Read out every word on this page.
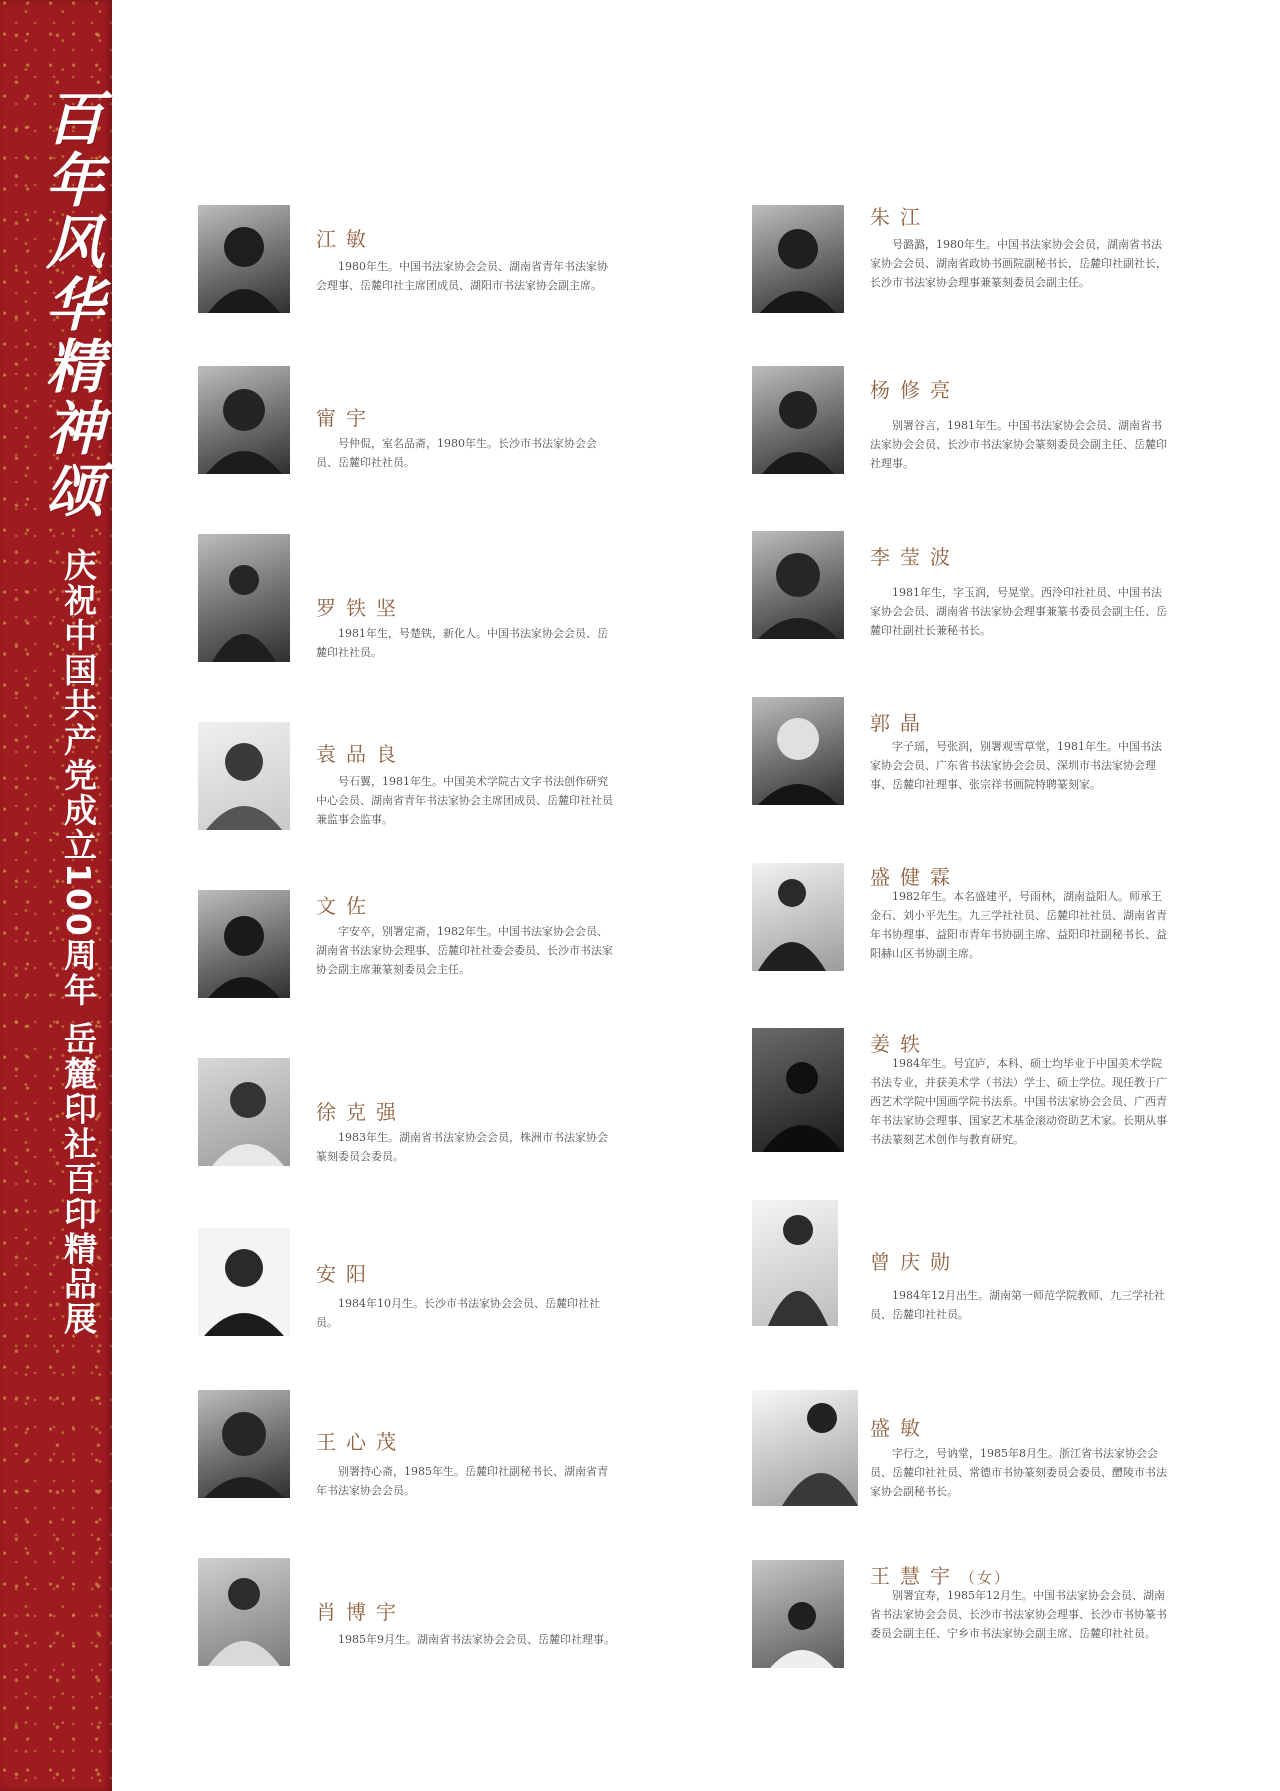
百年风华精神颂
庆祝中国共产党成立100周年 岳麓印社百印精品展
江敏

1980年生。中国书法家协会会员、湖南省青年书法家协会理事、岳麓印社主席团成员、湖阳市书法家协会副主席。

甯宇

号仲侃，室名品斋，1980年生。长沙市书法家协会会员、岳麓印社社员。

罗铁坚

1981年生，号楚铁，新化人。中国书法家协会会员、岳麓印社社员。

袁品良

号石翼，1981年生。中国美术学院古文字书法创作研究中心会员、湖南省青年书法家协会主席团成员、岳麓印社社员兼监事会监事。

文佐

字安卒，别署定斋，1982年生。中国书法家协会会员、湖南省书法家协会理事、岳麓印社社委会委员、长沙市书法家协会副主席兼篆刻委员会主任。

徐克强

1983年生。湖南省书法家协会会员，株洲市书法家协会篆刻委员会委员。

安阳

1984年10月生。长沙市书法家协会会员、岳麓印社社员。

王心茂

别署持心斋，1985年生。岳麓印社副秘书长、湖南省青年书法家协会会员。

肖博宇

1985年9月生。湖南省书法家协会会员、岳麓印社理事。

朱江

号潞潞，1980年生。中国书法家协会会员，湖南省书法家协会会员、湖南省政协书画院副秘书长，岳麓印社副社长，长沙市书法家协会理事兼篆刻委员会副主任。

杨修亮

别署谷言，1981年生。中国书法家协会会员、湖南省书法家协会会员、长沙市书法家协会篆刻委员会副主任、岳麓印社理事。

李莹波

1981年生，字玉润，号晃堂。西泠印社社员、中国书法家协会会员、湖南省书法家协会理事兼篆书委员会副主任、岳麓印社副社长兼秘书长。

郭晶

字子瑶，号张润，别署观雪草堂，1981年生。中国书法家协会会员、广东省书法家协会会员、深圳市书法家协会理事、岳麓印社理事、张宗祥书画院特聘篆刻家。

盛健霖

1982年生。本名盛建平，号雨林，湖南益阳人。师承王金石、刘小平先生。九三学社社员、岳麓印社社员、湖南省青年书协理事、益阳市青年书协副主席、益阳印社副秘书长、益阳赫山区书协副主席。

姜轶

1984年生。号宜庐，本科、硕士均毕业于中国美术学院书法专业，并获美术学（书法）学士、硕士学位。现任教于广西艺术学院中国画学院书法系。中国书法家协会会员、广西青年书法家协会理事、国家艺术基金滚动资助艺术家。长期从事书法篆刻艺术创作与教育研究。

曾庆勋

1984年12月出生。湖南第一师范学院教师、九三学社社员、岳麓印社社员。

盛敏

字行之，号讷堂，1985年8月生。浙江省书法家协会会员、岳麓印社社员、常德市书协篆刻委员会委员、醴陵市书法家协会副秘书长。

王慧宇（女）

别署宜寿，1985年12月生。中国书法家协会会员、湖南省书法家协会会员、长沙市书法家协会理事、长沙市书协篆书委员会副主任、宁乡市书法家协会副主席、岳麓印社社员。
